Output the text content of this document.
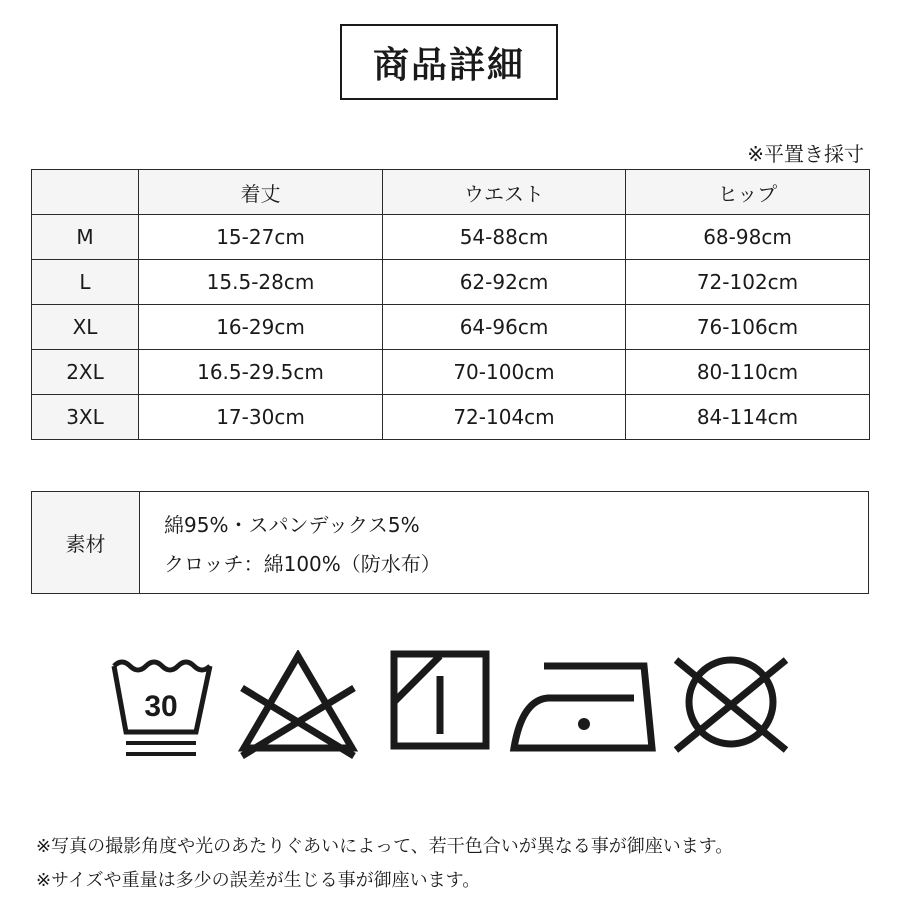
商品詳細
※平置き採寸
	着丈	ウエスト	ヒップ
M	15-27cm	54-88cm	68-98cm
L	15.5-28cm	62-92cm	72-102cm
XL	16-29cm	64-96cm	76-106cm
2XL	16.5-29.5cm	70-100cm	80-110cm
3XL	17-30cm	72-104cm	84-114cm
素材
綿95%・スパンデックス5%
クロッチ：綿100%（防水布）
30
※写真の撮影角度や光のあたりぐあいによって、若干色合いが異なる事が御座います。
※サイズや重量は多少の誤差が生じる事が御座います。
